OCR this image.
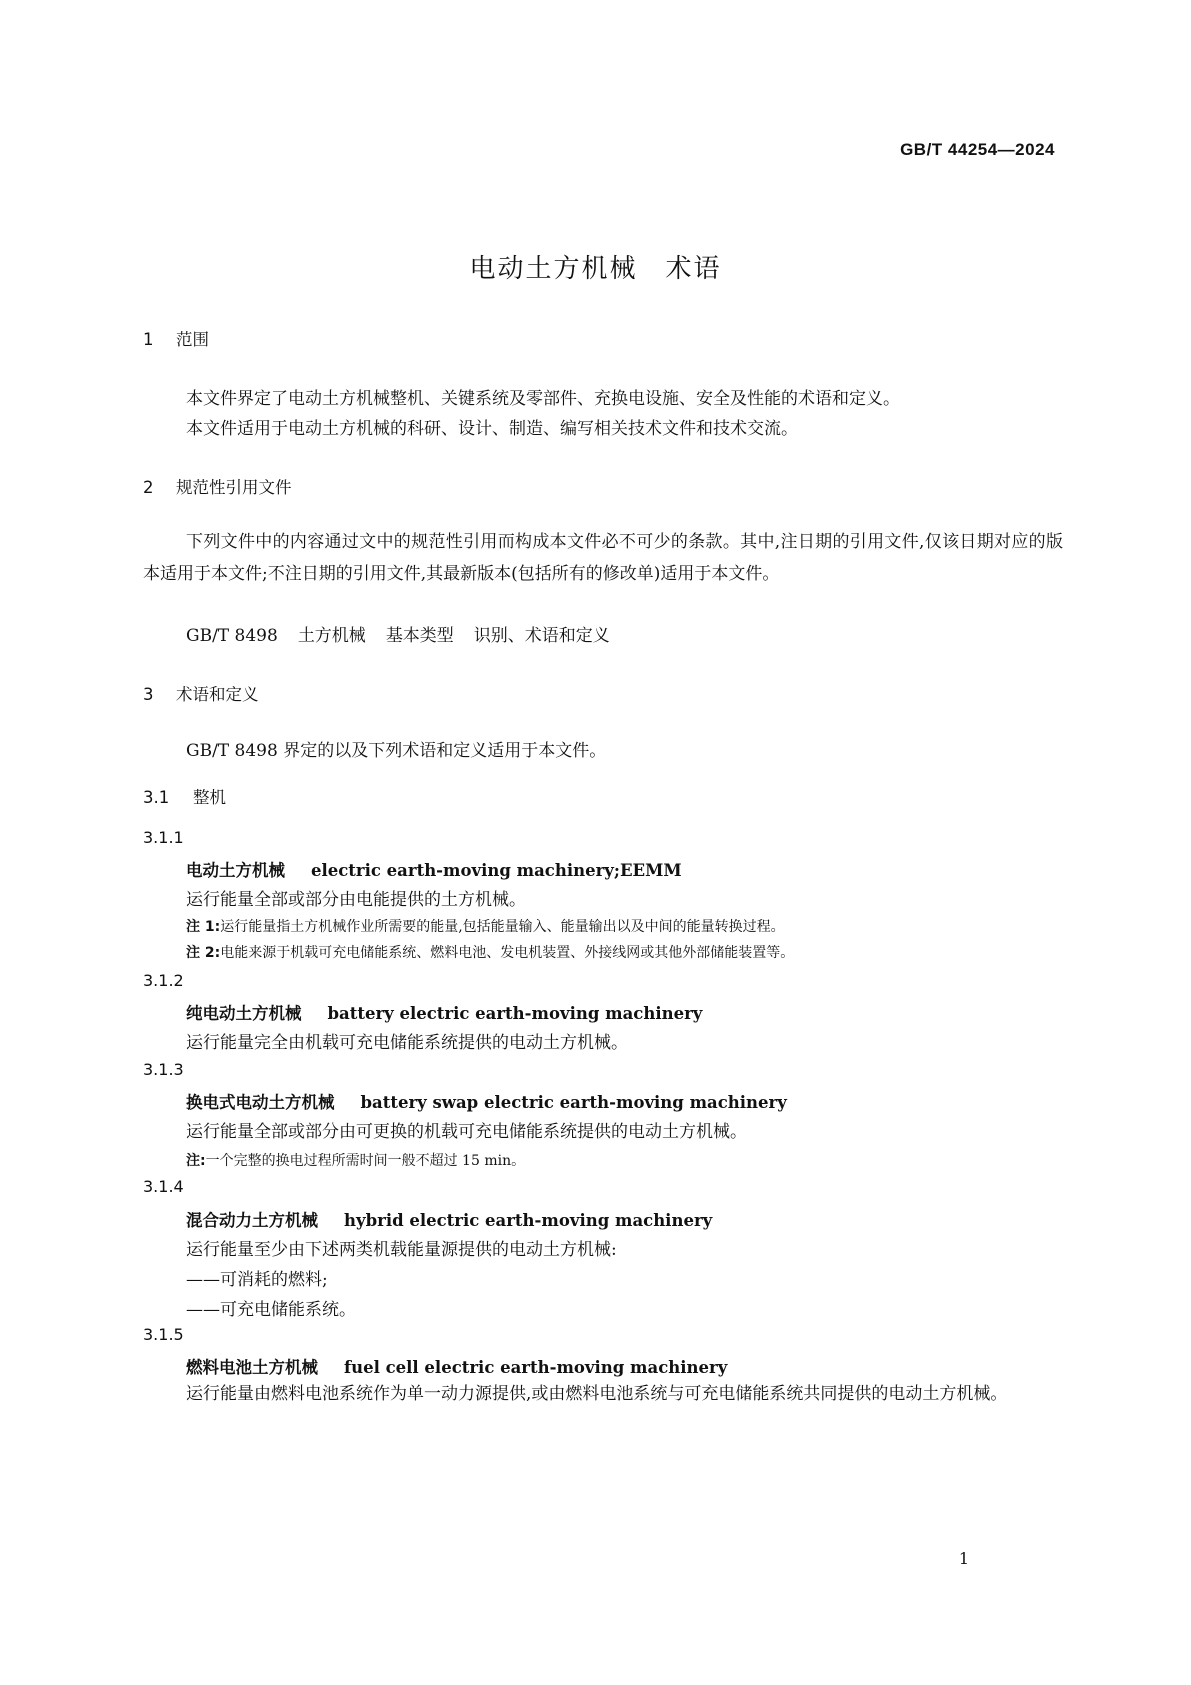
GB/T 44254—2024
电动土方机械　术语
1 范围
本文件界定了电动土方机械整机、关键系统及零部件、充换电设施、安全及性能的术语和定义。
本文件适用于电动土方机械的科研、设计、制造、编写相关技术文件和技术交流。
2 规范性引用文件
下列文件中的内容通过文中的规范性引用而构成本文件必不可少的条款。其中,注日期的引用文件,仅该日期对应的版本适用于本文件;不注日期的引用文件,其最新版本(包括所有的修改单)适用于本文件。
GB/T 8498 土方机械 基本类型 识别、术语和定义
3 术语和定义
GB/T 8498 界定的以及下列术语和定义适用于本文件。
3.1 整机
3.1.1
电动土方机械 electric earth-moving machinery;EEMM
运行能量全部或部分由电能提供的土方机械。
注 1:运行能量指土方机械作业所需要的能量,包括能量输入、能量输出以及中间的能量转换过程。
注 2:电能来源于机载可充电储能系统、燃料电池、发电机装置、外接线网或其他外部储能装置等。
3.1.2
纯电动土方机械 battery electric earth-moving machinery
运行能量完全由机载可充电储能系统提供的电动土方机械。
3.1.3
换电式电动土方机械 battery swap electric earth-moving machinery
运行能量全部或部分由可更换的机载可充电储能系统提供的电动土方机械。
注:一个完整的换电过程所需时间一般不超过 15 min。
3.1.4
混合动力土方机械 hybrid electric earth-moving machinery
运行能量至少由下述两类机载能量源提供的电动土方机械:
——可消耗的燃料;
——可充电储能系统。
3.1.5
燃料电池土方机械 fuel cell electric earth-moving machinery
运行能量由燃料电池系统作为单一动力源提供,或由燃料电池系统与可充电储能系统共同提供的电动土方机械。
1
